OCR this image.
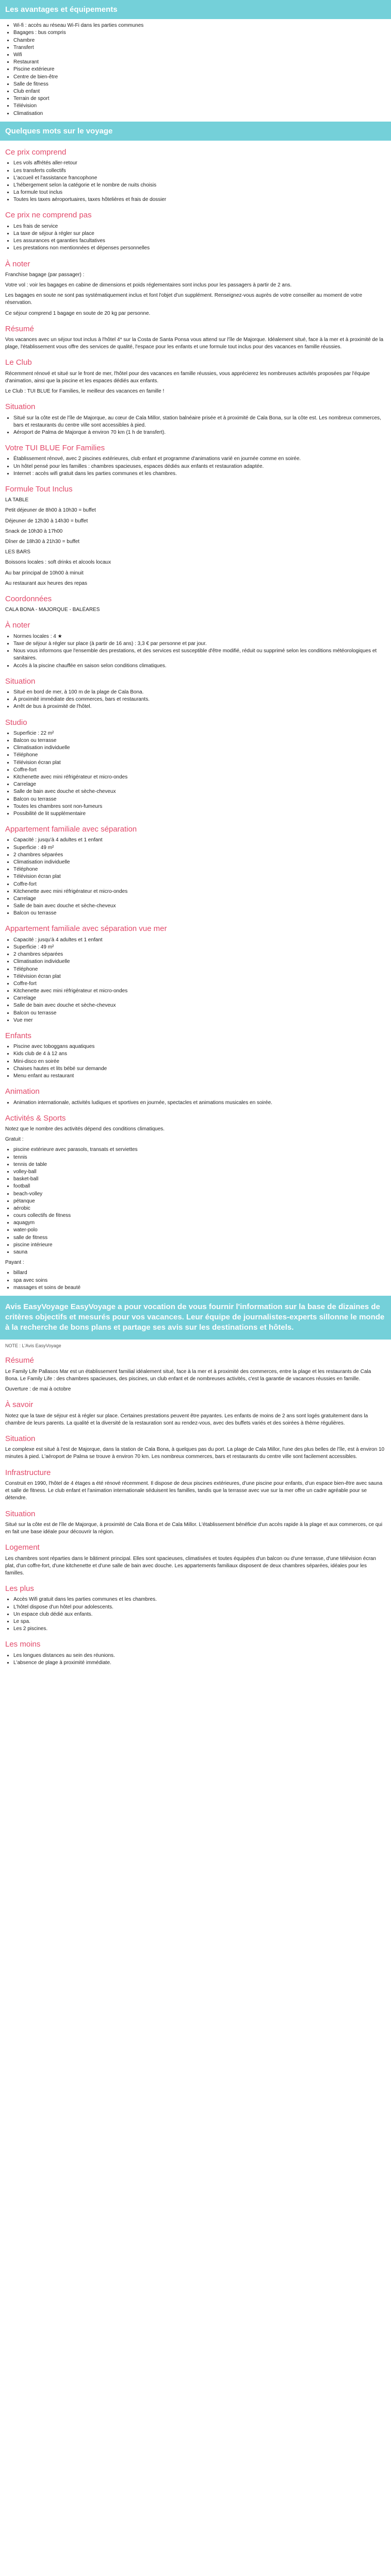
Les avantages et équipements
• Wi-fi : accès au réseau Wi-Fi dans les parties communes
• Bagages : bus compris
• Chambre
• Transfert
• Wifi
• Restaurant
• Piscine extérieure
• Centre de bien-être
• Salle de fitness
• Club enfant
• Terrain de sport
• Télévision
• Climatisation
Quelques mots sur le voyage
Ce prix comprend
• Les vols affrétés aller-retour
• Les transferts collectifs
• L'accueil et l'assistance francophone
• L'hébergement selon la catégorie et le nombre de nuits choisis
• La formule tout inclus
• Toutes les taxes aéroportuaires, taxes hôtelières et frais de dossier
Ce prix ne comprend pas
• Les frais de service
• La taxe de séjour à régler sur place
• Les assurances et garanties facultatives
• Les prestations non mentionnées et dépenses personnelles
À noter

Franchise bagage (par passager) :

Votre vol : voir les bagages en cabine de dimensions et poids réglementaires sont inclus pour les passagers à partir de 2 ans.

Les bagages en soute ne sont pas systématiquement inclus et font l'objet d'un supplément. Renseignez-vous auprès de votre conseiller au moment de votre réservation.

Ce séjour comprend 1 bagage en soute de 20 kg par personne.

Résumé

Vos vacances avec un séjour tout inclus à l'hôtel 4* sur la Costa de Santa Ponsa vous attend sur l'île de Majorque. Idéalement situé, face à la mer et à proximité de la plage, l'établissement vous offre des services de qualité, l'espace pour les enfants et une formule tout inclus pour des vacances en famille réussies.

Le Club

Récemment rénové et situé sur le front de mer, l'hôtel pour des vacances en famille réussies, vous apprécierez les nombreuses activités proposées par l'équipe d'animation, ainsi que la piscine et les espaces dédiés aux enfants.

Le Club : TUI BLUE for Families, le meilleur des vacances en famille !

Situation
• Situé sur la côte est de l'île de Majorque, au cœur de Cala Millor, station balnéaire prisée et à proximité de Cala Bona, sur la côte est. Les nombreux commerces, bars et restaurants du centre ville sont accessibles à pied.
• Aéroport de Palma de Majorque à environ 70 km (1 h de transfert).
Votre TUI BLUE For Families
• Établissement rénové, avec 2 piscines extérieures, club enfant et programme d'animations varié en journée comme en soirée.
• Un hôtel pensé pour les familles : chambres spacieuses, espaces dédiés aux enfants et restauration adaptée.
• Internet : accès wifi gratuit dans les parties communes et les chambres.
Formule Tout Inclus

LA TABLE

Petit déjeuner de 8h00 à 10h30 = buffet

Déjeuner de 12h30 à 14h30 = buffet

Snack de 10h30 à 17h00

Dîner de 18h30 à 21h30 = buffet

LES BARS

Boissons locales : soft drinks et alcools locaux

Au bar principal de 10h00 à minuit

Au restaurant aux heures des repas

Coordonnées

CALA BONA - MAJORQUE - BALÉARES

À noter
• Normes locales : 4 ★
• Taxe de séjour à régler sur place (à partir de 16 ans) : 3,3 € par personne et par jour.
• Nous vous informons que l'ensemble des prestations, et des services est susceptible d'être modifié, réduit ou supprimé selon les conditions météorologiques et sanitaires.
• Accès à la piscine chauffée en saison selon conditions climatiques.
Situation
• Situé en bord de mer, à 100 m de la plage de Cala Bona.
• À proximité immédiate des commerces, bars et restaurants.
• Arrêt de bus à proximité de l'hôtel.
Studio
• Superficie : 22 m²
• Balcon ou terrasse
• Climatisation individuelle
• Téléphone
• Télévision écran plat
• Coffre-fort
• Kitchenette avec mini réfrigérateur et micro-ondes
• Carrelage
• Salle de bain avec douche et sèche-cheveux
• Balcon ou terrasse
• Toutes les chambres sont non-fumeurs
• Possibilité de lit supplémentaire
Appartement familiale avec séparation
• Capacité : jusqu'à 4 adultes et 1 enfant
• Superficie : 49 m²
• 2 chambres séparées
• Climatisation individuelle
• Téléphone
• Télévision écran plat
• Coffre-fort
• Kitchenette avec mini réfrigérateur et micro-ondes
• Carrelage
• Salle de bain avec douche et sèche-cheveux
• Balcon ou terrasse
Appartement familiale avec séparation vue mer
• Capacité : jusqu'à 4 adultes et 1 enfant
• Superficie : 49 m²
• 2 chambres séparées
• Climatisation individuelle
• Téléphone
• Télévision écran plat
• Coffre-fort
• Kitchenette avec mini réfrigérateur et micro-ondes
• Carrelage
• Salle de bain avec douche et sèche-cheveux
• Balcon ou terrasse
• Vue mer
Enfants
• Piscine avec toboggans aquatiques
• Kids club de 4 à 12 ans
• Mini-disco en soirée
• Chaises hautes et lits bébé sur demande
• Menu enfant au restaurant
Animation
• Animation internationale, activités ludiques et sportives en journée, spectacles et animations musicales en soirée.
Activités & Sports

Notez que le nombre des activités dépend des conditions climatiques.

Gratuit :

• piscine extérieure avec parasols, transats et serviettes
• tennis
• tennis de table
• volley-ball
• basket-ball
• football
• beach-volley
• pétanque
• aérobic
• cours collectifs de fitness
• aquagym
• water-polo
• salle de fitness
• piscine intérieure
• sauna

Payant :

• billard
• spa avec soins
• massages et soins de beauté
Avis EasyVoyage EasyVoyage a pour vocation de vous fournir l'information sur la base de dizaines de critères objectifs et mesurés pour vos vacances. Leur équipe de journalistes-experts sillonne le monde à la recherche de bons plans et partage ses avis sur les destinations et hôtels.
NOTE : L'Avis EasyVoyage
Résumé

Le Family Life Pallasos Mar est un établissement familial idéalement situé, face à la mer et à proximité des commerces, entre la plage et les restaurants de Cala Bona. Le Family Life : des chambres spacieuses, des piscines, un club enfant et de nombreuses activités, c'est la garantie de vacances réussies en famille.

Ouverture : de mai à octobre

À savoir

Notez que la taxe de séjour est à régler sur place. Certaines prestations peuvent être payantes. Les enfants de moins de 2 ans sont logés gratuitement dans la chambre de leurs parents. La qualité et la diversité de la restauration sont au rendez-vous, avec des buffets variés et des soirées à thème régulières.

Situation

Le complexe est situé à l'est de Majorque, dans la station de Cala Bona, à quelques pas du port. La plage de Cala Millor, l'une des plus belles de l'île, est à environ 10 minutes à pied. L'aéroport de Palma se trouve à environ 70 km. Les nombreux commerces, bars et restaurants du centre ville sont facilement accessibles.

Infrastructure

Construit en 1990, l'hôtel de 4 étages a été rénové récemment. Il dispose de deux piscines extérieures, d'une piscine pour enfants, d'un espace bien-être avec sauna et salle de fitness. Le club enfant et l'animation internationale séduisent les familles, tandis que la terrasse avec vue sur la mer offre un cadre agréable pour se détendre.

Situation

Situé sur la côte est de l'île de Majorque, à proximité de Cala Bona et de Cala Millor. L'établissement bénéficie d'un accès rapide à la plage et aux commerces, ce qui en fait une base idéale pour découvrir la région.

Logement

Les chambres sont réparties dans le bâtiment principal. Elles sont spacieuses, climatisées et toutes équipées d'un balcon ou d'une terrasse, d'une télévision écran plat, d'un coffre-fort, d'une kitchenette et d'une salle de bain avec douche. Les appartements familiaux disposent de deux chambres séparées, idéales pour les familles.

Les plus
• Accès Wifi gratuit dans les parties communes et les chambres.
• L'hôtel dispose d'un hôtel pour adolescents.
• Un espace club dédié aux enfants.
• Le spa.
• Les 2 piscines.
Les moins
• Les longues distances au sein des réunions.
• L'absence de plage à proximité immédiate.
